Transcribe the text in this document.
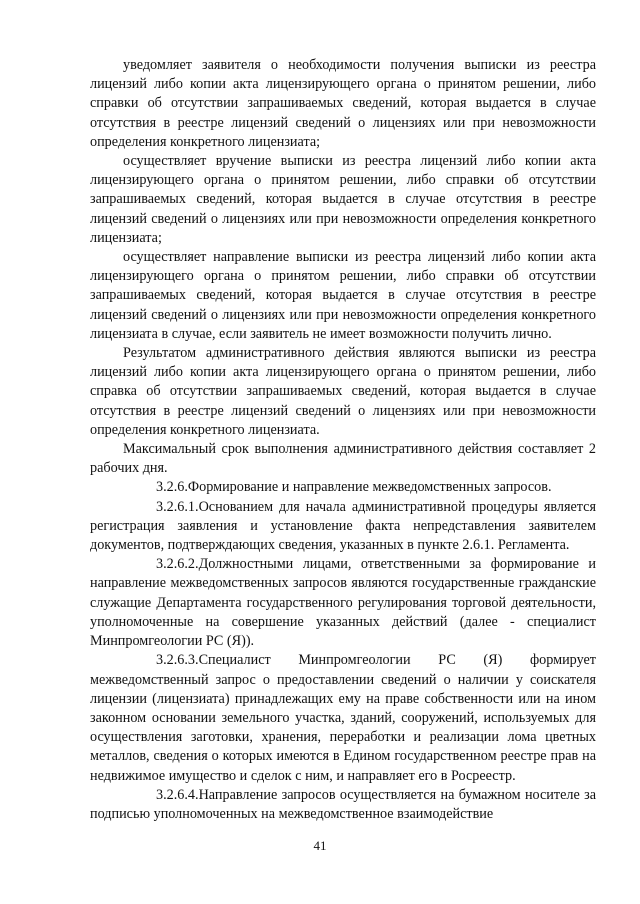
уведомляет заявителя о необходимости получения выписки из реестра лицензий либо копии акта лицензирующего органа о принятом решении, либо справки об отсутствии запрашиваемых сведений, которая выдается в случае отсутствия в реестре лицензий сведений о лицензиях или при невозможности определения конкретного лицензиата;

осуществляет вручение выписки из реестра лицензий либо копии акта лицензирующего органа о принятом решении, либо справки об отсутствии запрашиваемых сведений, которая выдается в случае отсутствия в реестре лицензий сведений о лицензиях или при невозможности определения конкретного лицензиата;

осуществляет направление выписки из реестра лицензий либо копии акта лицензирующего органа о принятом решении, либо справки об отсутствии запрашиваемых сведений, которая выдается в случае отсутствия в реестре лицензий сведений о лицензиях или при невозможности определения конкретного лицензиата в случае, если заявитель не имеет возможности получить лично.

Результатом административного действия являются выписки из реестра лицензий либо копии акта лицензирующего органа о принятом решении, либо справка об отсутствии запрашиваемых сведений, которая выдается в случае отсутствия в реестре лицензий сведений о лицензиях или при невозможности определения конкретного лицензиата.

Максимальный срок выполнения административного действия составляет 2 рабочих дня.

3.2.6.Формирование и направление межведомственных запросов.

3.2.6.1.Основанием для начала административной процедуры является регистрация заявления и установление факта непредставления заявителем документов, подтверждающих сведения, указанных в пункте 2.6.1. Регламента.

3.2.6.2.Должностными лицами, ответственными за формирование и направление межведомственных запросов являются государственные гражданские служащие Департамента государственного регулирования торговой деятельности, уполномоченные на совершение указанных действий (далее - специалист Минпромгеологии РС (Я)).

3.2.6.3.Специалист Минпромгеологии РС (Я) формирует межведомственный запрос о предоставлении сведений о наличии у соискателя лицензии (лицензиата) принадлежащих ему на праве собственности или на ином законном основании земельного участка, зданий, сооружений, используемых для осуществления заготовки, хранения, переработки и реализации лома цветных металлов, сведения о которых имеются в Едином государственном реестре прав на недвижимое имущество и сделок с ним, и направляет его в Росреестр.

3.2.6.4.Направление запросов осуществляется на бумажном носителе за подписью уполномоченных на межведомственное взаимодействие

41
